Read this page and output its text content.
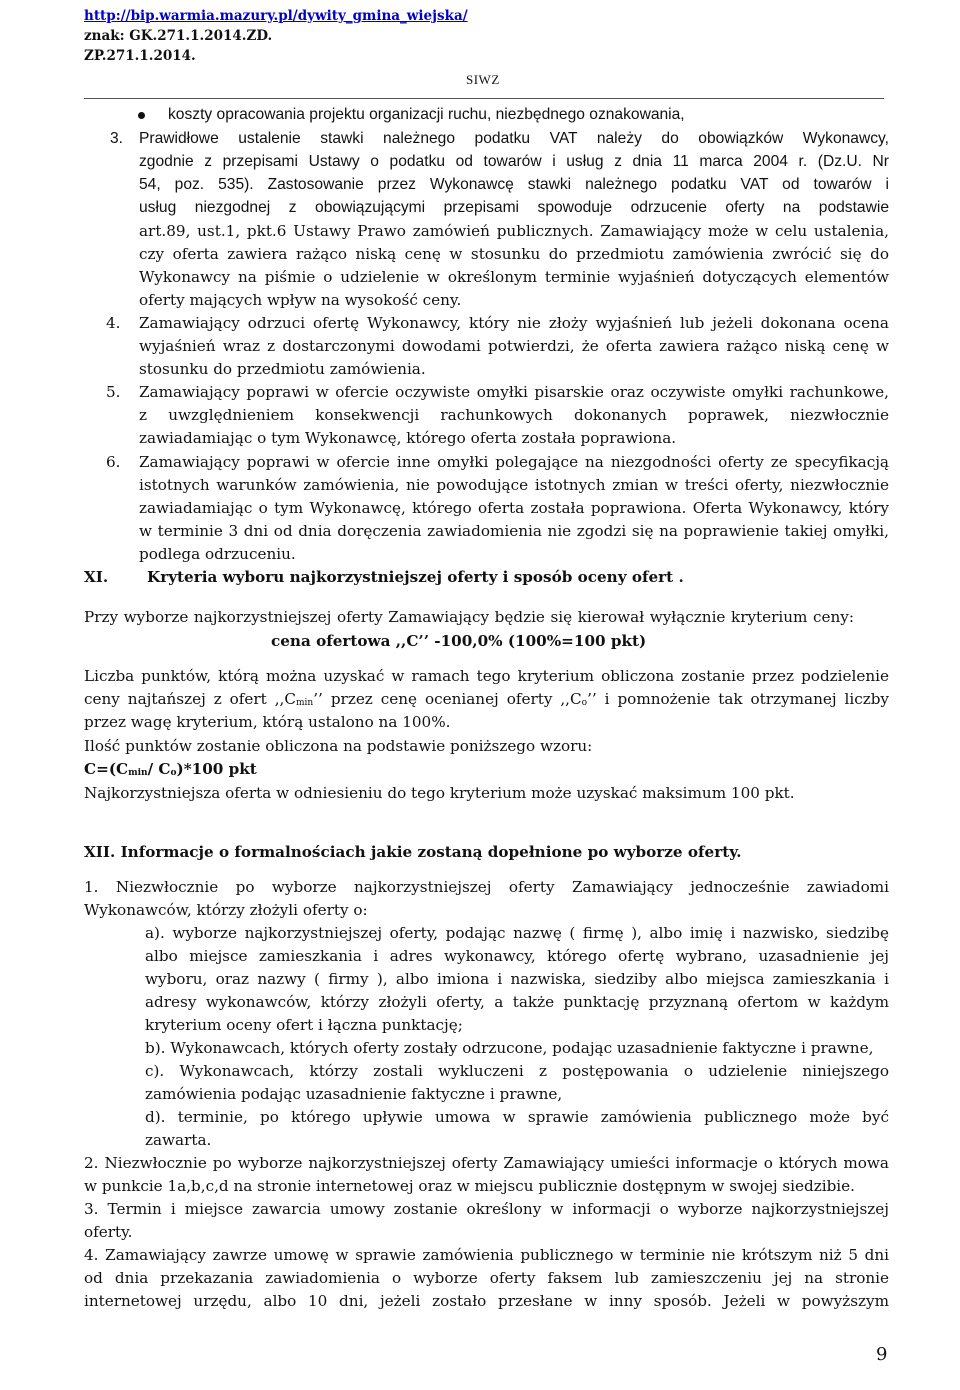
http://bip.warmia.mazury.pl/dywity_gmina_wiejska/
znak: GK.271.1.2014.ZD.
ZP.271.1.2014.
SIWZ
koszty opracowania projektu organizacji ruchu, niezbędnego oznakowania,
3. Prawidłowe ustalenie stawki należnego podatku VAT należy do obowiązków Wykonawcy,
zgodnie z przepisami Ustawy o podatku od towarów i usług z dnia 11 marca 2004 r. (Dz.U. Nr
54, poz. 535). Zastosowanie przez Wykonawcę stawki należnego podatku VAT od towarów i
usług niezgodnej z obowiązującymi przepisami spowoduje odrzucenie oferty na podstawie
art.89, ust.1, pkt.6 Ustawy Prawo zamówień publicznych. Zamawiający może w celu ustalenia,
czy oferta zawiera rażąco niską cenę w stosunku do przedmiotu zamówienia zwrócić się do
Wykonawcy na piśmie o udzielenie w określonym terminie wyjaśnień dotyczących elementów
oferty mających wpływ na wysokość ceny.
4. Zamawiający odrzuci ofertę Wykonawcy, który nie złoży wyjaśnień lub jeżeli dokonana ocena
wyjaśnień wraz z dostarczonymi dowodami potwierdzi, że oferta zawiera rażąco niską cenę w
stosunku do przedmiotu zamówienia.
5. Zamawiający poprawi w ofercie oczywiste omyłki pisarskie oraz oczywiste omyłki rachunkowe,
z uwzględnieniem konsekwencji rachunkowych dokonanych poprawek, niezwłocznie
zawiadamiając o tym Wykonawcę, którego oferta została poprawiona.
6. Zamawiający poprawi w ofercie inne omyłki polegające na niezgodności oferty ze specyfikacją
istotnych warunków zamówienia, nie powodujące istotnych zmian w treści oferty, niezwłocznie
zawiadamiając o tym Wykonawcę, którego oferta została poprawiona. Oferta Wykonawcy, który
w terminie 3 dni od dnia doręczenia zawiadomienia nie zgodzi się na poprawienie takiej omyłki,
podlega odrzuceniu.
XI.	Kryteria wyboru najkorzystniejszej oferty i sposób oceny ofert .
Przy wyborze najkorzystniejszej oferty Zamawiający będzie się kierował wyłącznie kryterium ceny:
cena ofertowa ,,C’’ -100,0% (100%=100 pkt)
Liczba punktów, którą można uzyskać w ramach tego kryterium obliczona zostanie przez podzielenie
ceny najtańszej z ofert $,,C_{min}$’’ przez cenę ocenianej oferty $,,C_o$’’ i pomnożenie tak otrzymanej liczby
przez wagę kryterium, którą ustalono na 100%.
Ilość punktów zostanie obliczona na podstawie poniższego wzoru:
$C=(C_{min}/$ $C_o)*100$ pkt
Najkorzystniejsza oferta w odniesieniu do tego kryterium może uzyskać maksimum 100 pkt.
XII. Informacje o formalnościach jakie zostaną dopełnione po wyborze oferty.
1. Niezwłocznie po wyborze najkorzystniejszej oferty Zamawiający jednocześnie zawiadomi
Wykonawców, którzy złożyli oferty o:
a). wyborze najkorzystniejszej oferty, podając nazwę ( firmę ), albo imię i nazwisko, siedzibę
albo miejsce zamieszkania i adres wykonawcy, którego ofertę wybrano, uzasadnienie jej
wyboru, oraz nazwy ( firmy ), albo imiona i nazwiska, siedziby albo miejsca zamieszkania i
adresy wykonawców, którzy złożyli oferty, a także punktację przyznaną ofertom w każdym
kryterium oceny ofert i łączna punktację;
b). Wykonawcach, których oferty zostały odrzucone, podając uzasadnienie faktyczne i prawne,
c). Wykonawcach, którzy zostali wykluczeni z postępowania o udzielenie niniejszego
zamówienia podając uzasadnienie faktyczne i prawne,
d). terminie, po którego upływie umowa w sprawie zamówienia publicznego może być
zawarta.
2. Niezwłocznie po wyborze najkorzystniejszej oferty Zamawiający umieści informacje o których mowa
w punkcie 1a,b,c,d na stronie internetowej oraz w miejscu publicznie dostępnym w swojej siedzibie.
3. Termin i miejsce zawarcia umowy zostanie określony w informacji o wyborze najkorzystniejszej
oferty.
4. Zamawiający zawrze umowę w sprawie zamówienia publicznego w terminie nie krótszym niż 5 dni
od dnia przekazania zawiadomienia o wyborze oferty faksem lub zamieszczeniu jej na stronie
internetowej urzędu, albo 10 dni, jeżeli zostało przesłane w inny sposób. Jeżeli w powyższym
9
